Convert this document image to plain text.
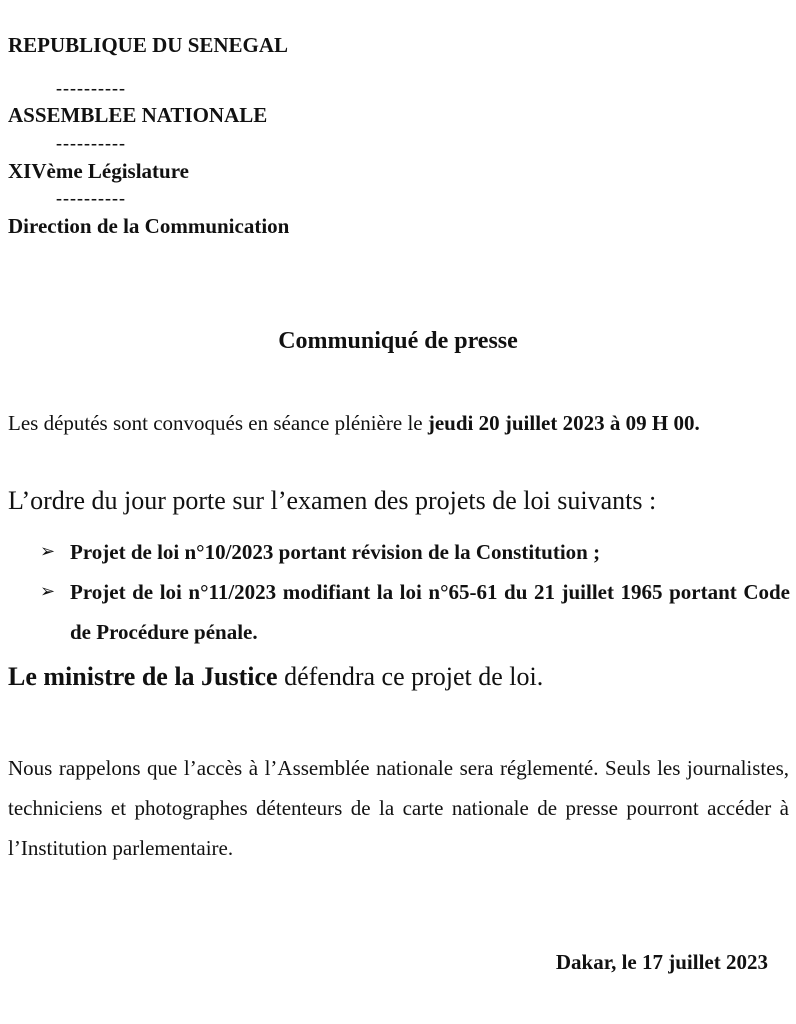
REPUBLIQUE DU SENEGAL

----------

ASSEMBLEE NATIONALE

----------

XIVème Législature

----------

Direction de la Communication

Communiqué de presse

Les députés sont convoqués en séance plénière le jeudi 20 juillet 2023 à 09 H 00.

L’ordre du jour porte sur l’examen des projets de loi suivants :

➢ Projet de loi n°10/2023 portant révision de la Constitution ;
➢ Projet de loi n°11/2023 modifiant la loi n°65-61 du 21 juillet 1965 portant Code de Procédure pénale.

Le ministre de la Justice défendra ce projet de loi.

Nous rappelons que l’accès à l’Assemblée nationale sera réglementé. Seuls les journalistes, techniciens et photographes détenteurs de la carte nationale de presse pourront accéder à l’Institution parlementaire.

Dakar, le 17 juillet 2023
